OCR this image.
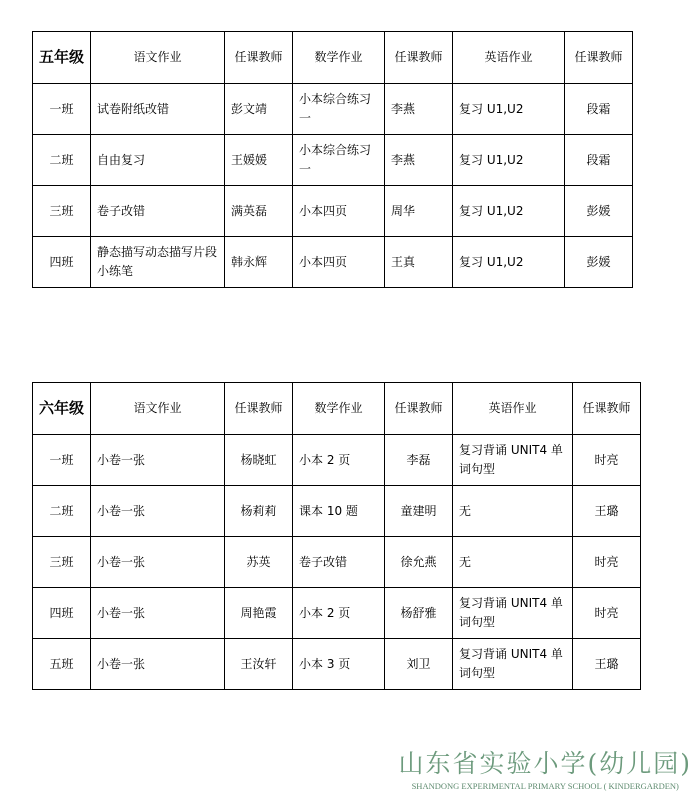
五年级	语文作业	任课教师	数学作业	任课教师	英语作业	任课教师
一班	试卷附纸改错	彭文靖	小本综合练习一	李燕	复习 U1,U2	段霜
二班	自由复习	王媛媛	小本综合练习一	李燕	复习 U1,U2	段霜
三班	卷子改错	满英磊	小本四页	周华	复习 U1,U2	彭媛
四班	静态描写动态描写片段小练笔	韩永辉	小本四页	王真	复习 U1,U2	彭媛
六年级	语文作业	任课教师	数学作业	任课教师	英语作业	任课教师
一班	小卷一张	杨晓虹	小本 2 页	李磊	复习背诵 UNIT4 单词句型	时亮
二班	小卷一张	杨莉莉	课本 10 题	童建明	无	王璐
三班	小卷一张	苏英	卷子改错	徐允燕	无	时亮
四班	小卷一张	周艳霞	小本 2 页	杨舒雅	复习背诵 UNIT4 单词句型	时亮
五班	小卷一张	王汝轩	小本 3 页	刘卫	复习背诵 UNIT4 单词句型	王璐
山东省实验小学(幼儿园)
SHANDONG EXPERIMENTAL PRIMARY SCHOOL ( KINDERGARDEN)
